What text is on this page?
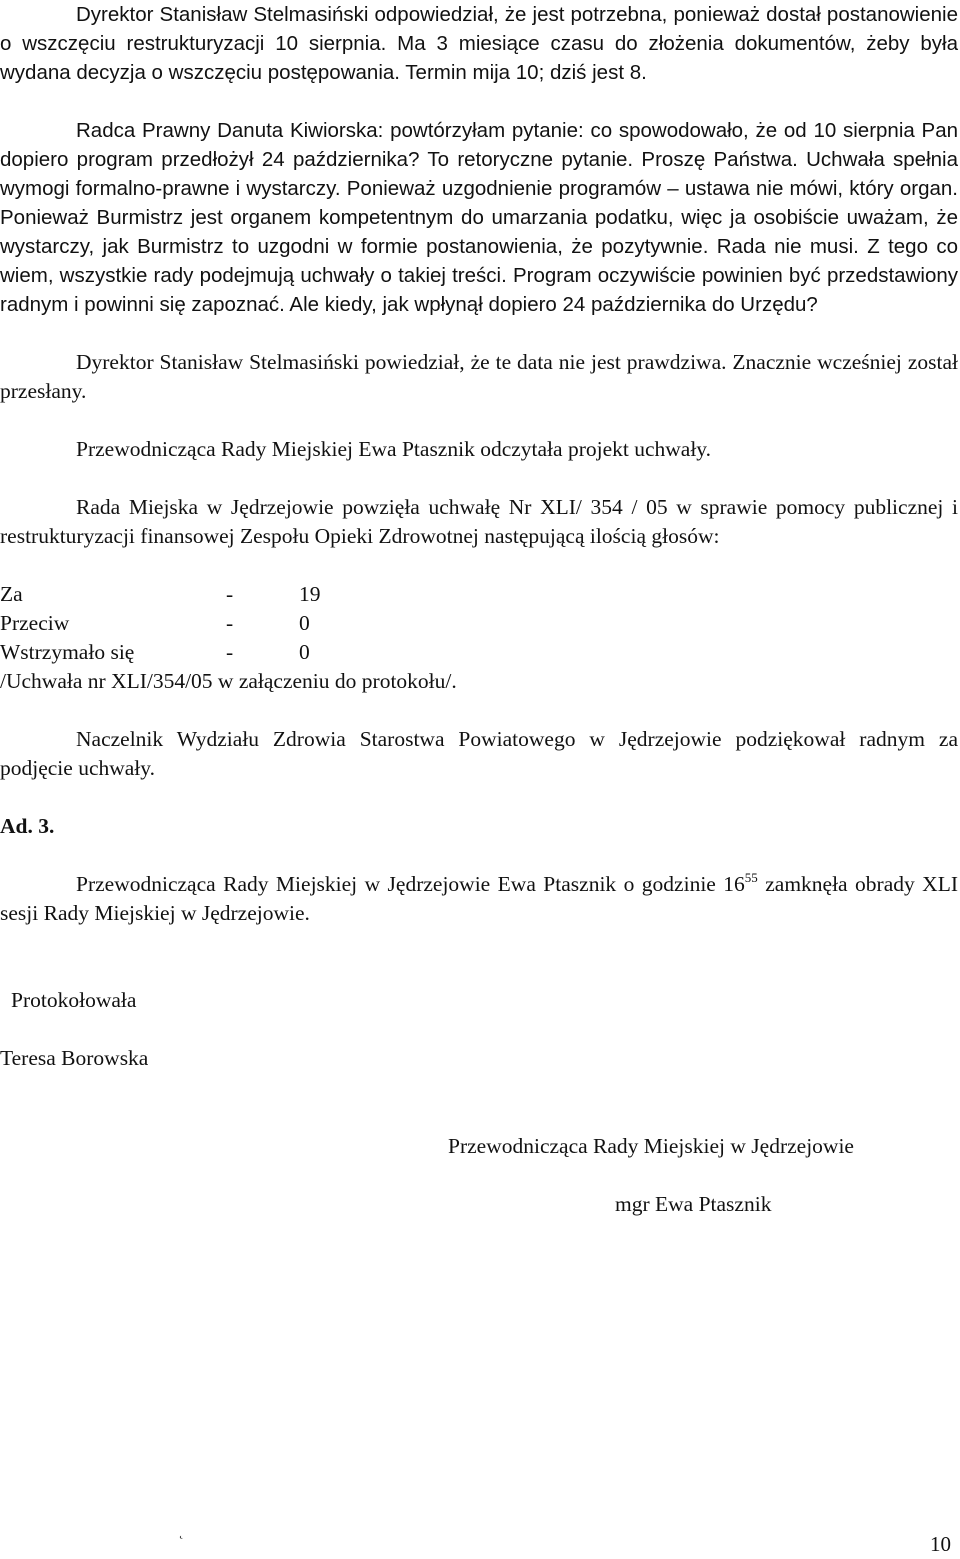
Dyrektor Stanisław Stelmasiński odpowiedział, że jest potrzebna, ponieważ dostał postanowienie o wszczęciu restrukturyzacji 10 sierpnia. Ma 3 miesiące czasu do złożenia dokumentów, żeby była wydana decyzja o wszczęciu postępowania. Termin mija 10; dziś jest 8.

Radca Prawny Danuta Kiwiorska: powtórzyłam pytanie: co spowodowało, że od 10 sierpnia Pan dopiero program przedłożył 24 października? To retoryczne pytanie. Proszę Państwa. Uchwała spełnia wymogi formalno-prawne i wystarczy. Ponieważ uzgodnienie programów – ustawa nie mówi, który organ. Ponieważ Burmistrz jest organem kompetentnym do umarzania podatku, więc ja osobiście uważam, że wystarczy, jak Burmistrz to uzgodni w formie postanowienia, że pozytywnie. Rada nie musi. Z tego co wiem, wszystkie rady podejmują uchwały o takiej treści. Program oczywiście powinien być przedstawiony radnym i powinni się zapoznać. Ale kiedy, jak wpłynął dopiero 24 października do Urzędu?

Dyrektor Stanisław Stelmasiński powiedział, że te data nie jest prawdziwa. Znacznie wcześniej został przesłany.

Przewodnicząca Rady Miejskiej Ewa Ptasznik odczytała projekt uchwały.

Rada Miejska w Jędrzejowie powzięła uchwałę Nr XLI/ 354 / 05 w sprawie pomocy publicznej i restrukturyzacji finansowej Zespołu Opieki Zdrowotnej następującą ilością głosów:

Za	-	19
Przeciw	-	0
Wstrzymało się	-	0

/Uchwała nr XLI/354/05 w załączeniu do protokołu/.

Naczelnik Wydziału Zdrowia Starostwa Powiatowego w Jędrzejowie podziękował radnym za podjęcie uchwały.

Ad. 3.

Przewodnicząca Rady Miejskiej w Jędrzejowie Ewa Ptasznik o godzinie $16^{55}$ zamknęła obrady XLI sesji Rady Miejskiej w Jędrzejowie.

Protokołowała

Teresa Borowska

Przewodnicząca Rady Miejskiej w Jędrzejowie

mgr Ewa Ptasznik

˛	10
